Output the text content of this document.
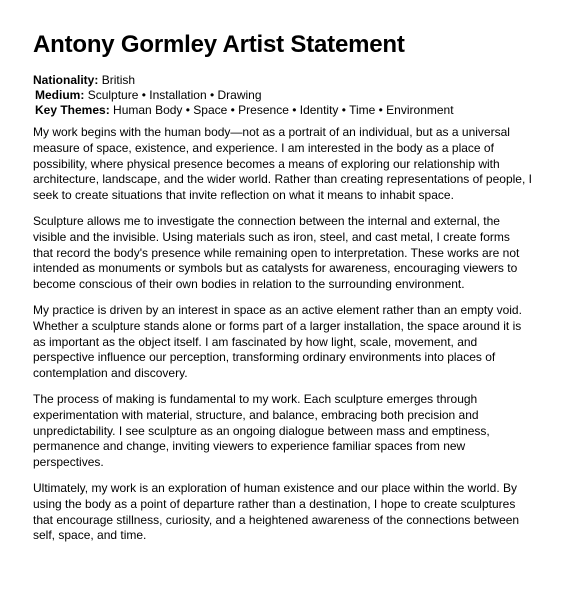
Antony Gormley Artist Statement
Nationality: British
Medium: Sculpture • Installation • Drawing
Key Themes: Human Body • Space • Presence • Identity • Time • Environment

My work begins with the human body—not as a portrait of an individual, but as a universal measure of space, existence, and experience. I am interested in the body as a place of possibility, where physical presence becomes a means of exploring our relationship with architecture, landscape, and the wider world. Rather than creating representations of people, I seek to create situations that invite reflection on what it means to inhabit space.

Sculpture allows me to investigate the connection between the internal and external, the visible and the invisible. Using materials such as iron, steel, and cast metal, I create forms that record the body's presence while remaining open to interpretation. These works are not intended as monuments or symbols but as catalysts for awareness, encouraging viewers to become conscious of their own bodies in relation to the surrounding environment.

My practice is driven by an interest in space as an active element rather than an empty void. Whether a sculpture stands alone or forms part of a larger installation, the space around it is as important as the object itself. I am fascinated by how light, scale, movement, and perspective influence our perception, transforming ordinary environments into places of contemplation and discovery.

The process of making is fundamental to my work. Each sculpture emerges through experimentation with material, structure, and balance, embracing both precision and unpredictability. I see sculpture as an ongoing dialogue between mass and emptiness, permanence and change, inviting viewers to experience familiar spaces from new perspectives.

Ultimately, my work is an exploration of human existence and our place within the world. By using the body as a point of departure rather than a destination, I hope to create sculptures that encourage stillness, curiosity, and a heightened awareness of the connections between self, space, and time.
